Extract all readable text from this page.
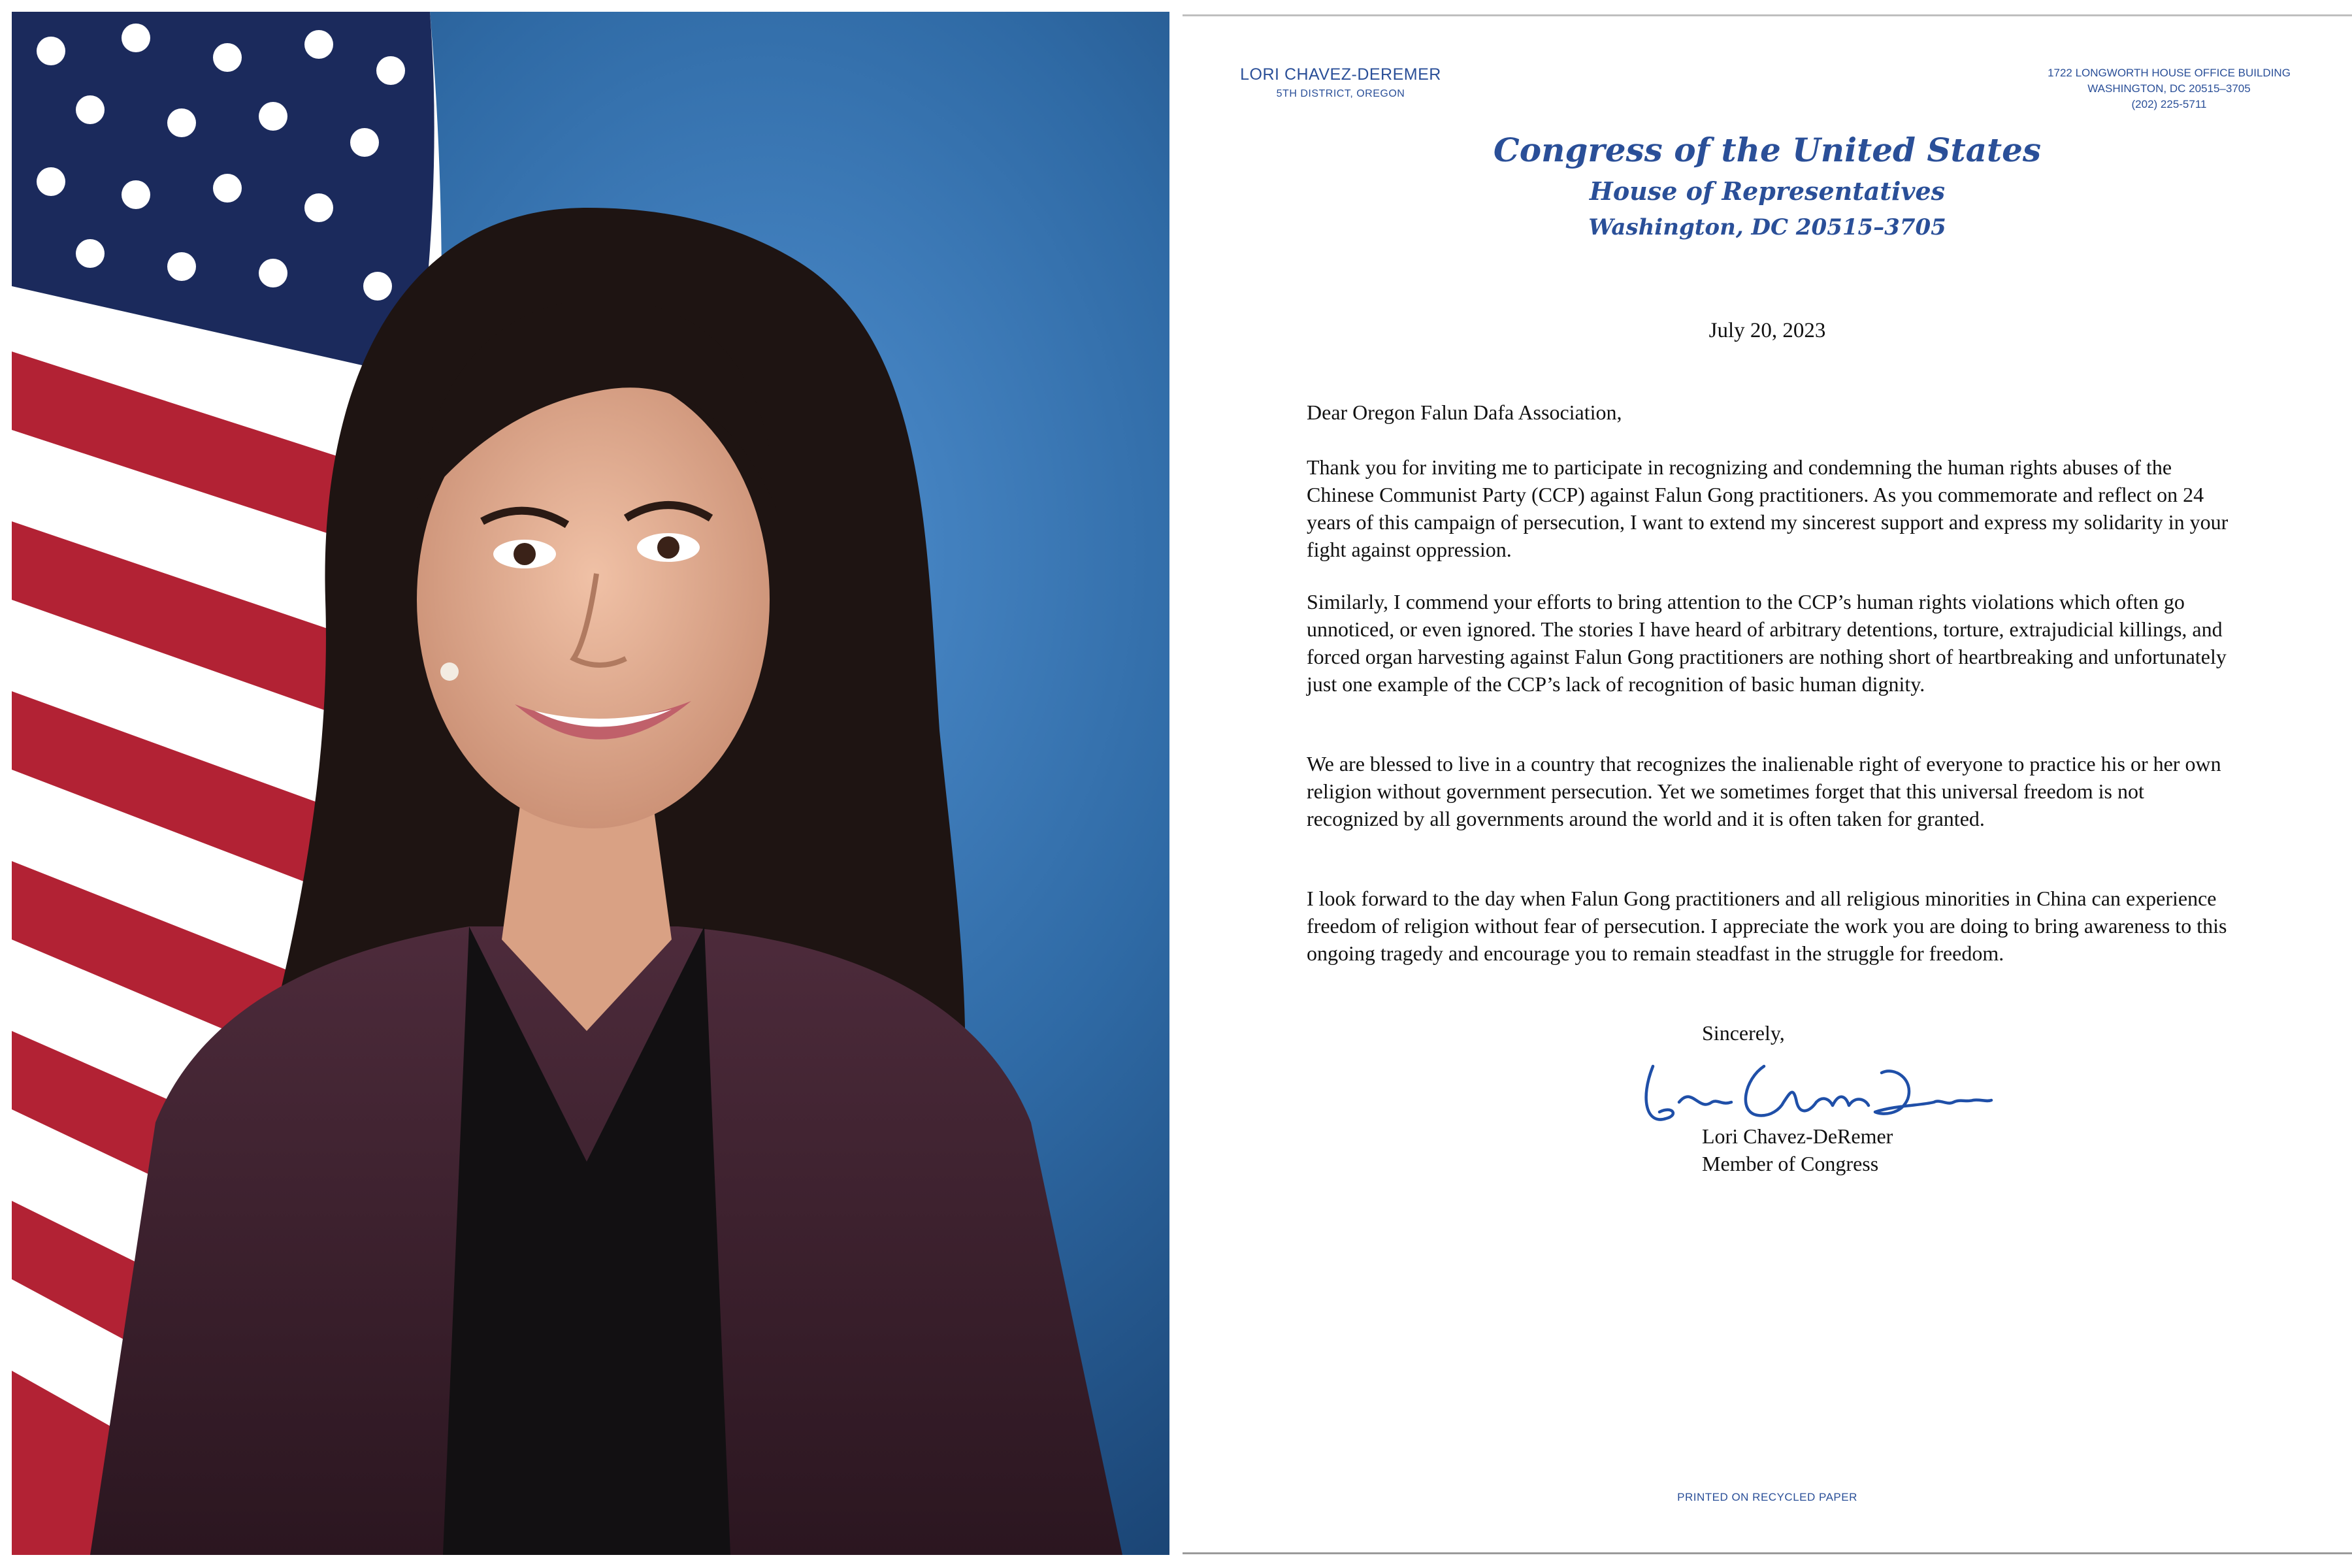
LORI CHAVEZ-DEREMER
5TH DISTRICT, OREGON
1722 LONGWORTH HOUSE OFFICE BUILDING
WASHINGTON, DC 20515–3705
(202) 225-5711
Congress of the United States
House of Representatives
Washington, DC 20515–3705
July 20, 2023
Dear Oregon Falun Dafa Association,

Thank you for inviting me to participate in recognizing and condemning the human rights abuses of the Chinese Communist Party (CCP) against Falun Gong practitioners. As you commemorate and reflect on 24 years of this campaign of persecution, I want to extend my sincerest support and express my solidarity in your fight against oppression.

Similarly, I commend your efforts to bring attention to the CCP’s human rights violations which often go unnoticed, or even ignored. The stories I have heard of arbitrary detentions, torture, extrajudicial killings, and forced organ harvesting against Falun Gong practitioners are nothing short of heartbreaking and unfortunately just one example of the CCP’s lack of recognition of basic human dignity.

We are blessed to live in a country that recognizes the inalienable right of everyone to practice his or her own religion without government persecution. Yet we sometimes forget that this universal freedom is not recognized by all governments around the world and it is often taken for granted.

I look forward to the day when Falun Gong practitioners and all religious minorities in China can experience freedom of religion without fear of persecution. I appreciate the work you are doing to bring awareness to this ongoing tragedy and encourage you to remain steadfast in the struggle for freedom.

Sincerely,
Lori Chavez-DeRemer
Member of Congress
PRINTED ON RECYCLED PAPER
